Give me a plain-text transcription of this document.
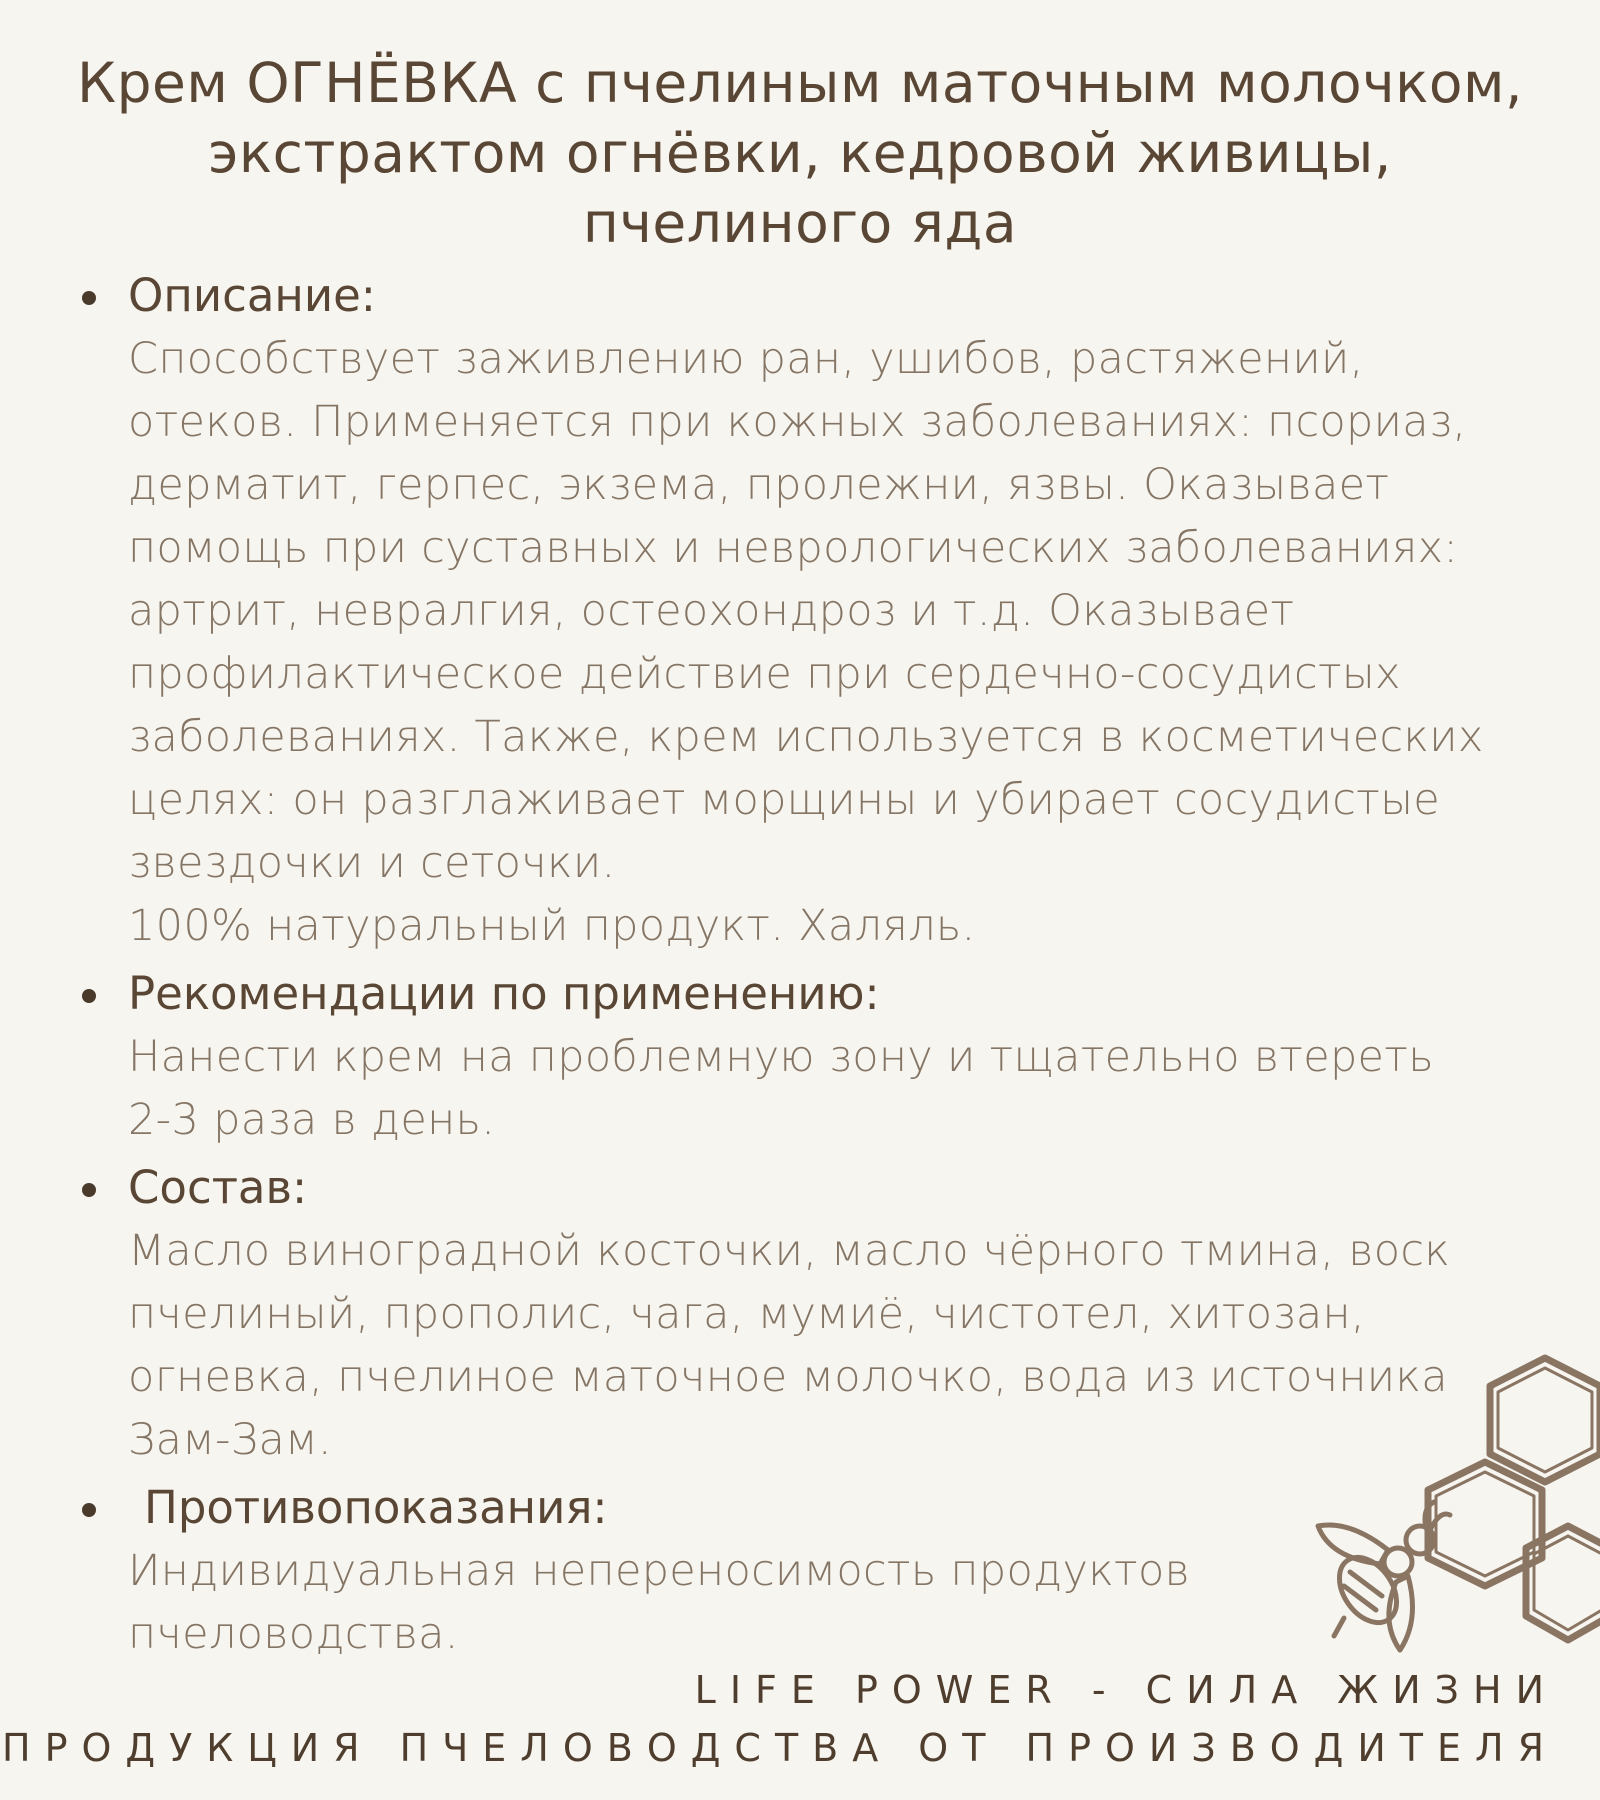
Крем ОГНЁВКА с пчелиным маточным молочком,
экстрактом огнёвки, кедровой живицы,
пчелиного яда
Описание:
Способствует заживлению ран, ушибов, растяжений,
отеков. Применяется при кожных заболеваниях: псориаз,
дерматит, герпес, экзема, пролежни, язвы. Оказывает
помощь при суставных и неврологических заболеваниях:
артрит, невралгия, остеохондроз и т.д. Оказывает
профилактическое действие при сердечно-сосудистых
заболеваниях. Также, крем используется в косметических
целях: он разглаживает морщины и убирает сосудистые
звездочки и сеточки.
100% натуральный продукт. Халяль.
Рекомендации по применению:
Нанести крем на проблемную зону и тщательно втереть
2-3 раза в день.
Состав:
Масло виноградной косточки, масло чёрного тмина, воск
пчелиный, прополис, чага, мумиё, чистотел, хитозан,
огневка, пчелиное маточное молочко, вода из источника
Зам-Зам.
Противопоказания:
Индивидуальная непереносимость продуктов
пчеловодства.

LIFE POWER - СИЛА ЖИЗНИ

ПРОДУКЦИЯ ПЧЕЛОВОДСТВА ОТ ПРОИЗВОДИТЕЛЯ
